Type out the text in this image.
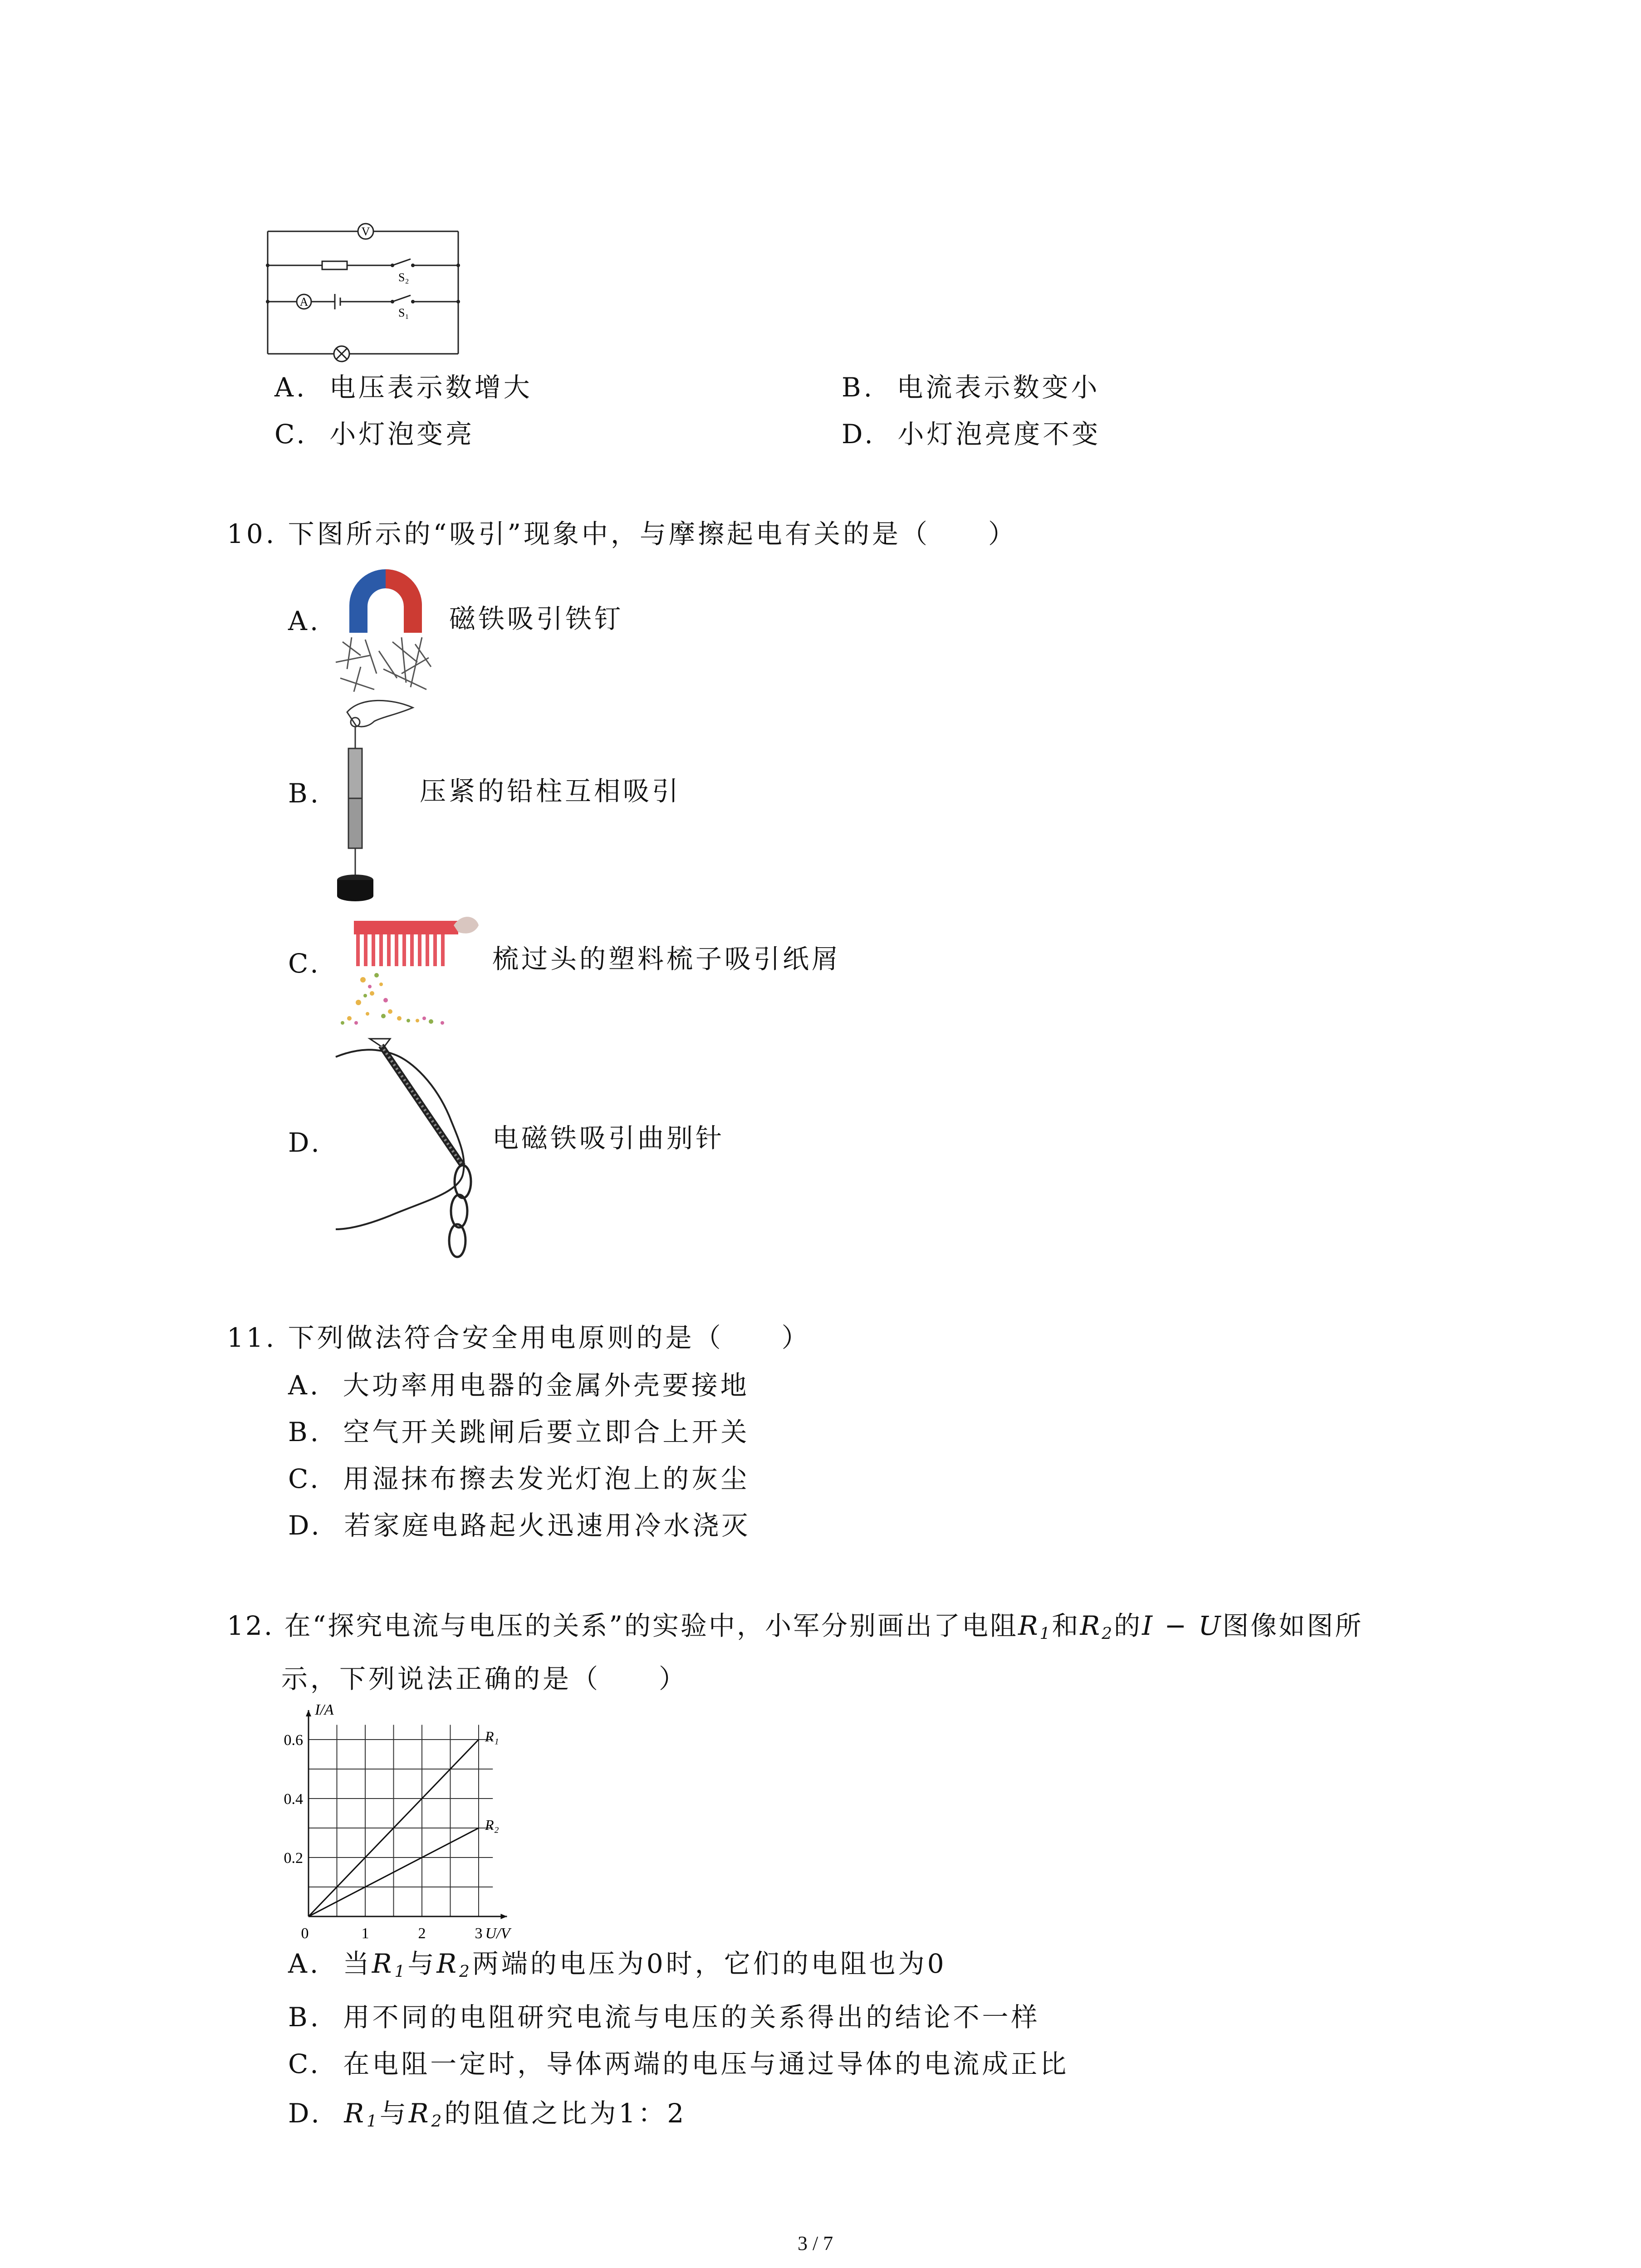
V
A
S₂
S₁
A. 电压表示数增大	B. 电流表示数变小
C. 小灯泡变亮	D. 小灯泡亮度不变
10. 下图所示的“吸引”现象中，与摩擦起电有关的是（　　）
A.	磁铁吸引铁钉
B.	压紧的铅柱互相吸引
C.	梳过头的塑料梳子吸引纸屑
D.	电磁铁吸引曲别针
11. 下列做法符合安全用电原则的是（　　）
A. 大功率用电器的金属外壳要接地
B. 空气开关跳闸后要立即合上开关
C. 用湿抹布擦去发光灯泡上的灰尘
D. 若家庭电路起火迅速用冷水浇灭
12. 在“探究电流与电压的关系”的实验中，小军分别画出了电阻$R_1$和$R_2$的I − U图像如图所
示，下列说法正确的是（　　）
I/A
U/V
0	1	2	3
0.2
0.4
0.6	R₁
R₂
A. 当$R_1$与$R_2$两端的电压为0时，它们的电阻也为0
B. 用不同的电阻研究电流与电压的关系得出的结论不一样
C. 在电阻一定时，导体两端的电压与通过导体的电流成正比
D. $R_1$与$R_2$的阻值之比为1：2
3 / 7
